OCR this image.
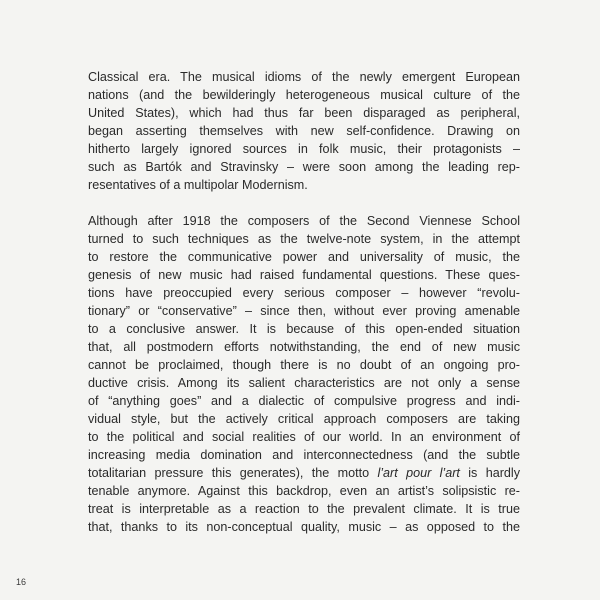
Classical era. The musical idioms of the newly emergent European
nations (and the bewilderingly heterogeneous musical culture of the
United States), which had thus far been disparaged as peripheral,
began asserting themselves with new self-confidence. Drawing on
hitherto largely ignored sources in folk music, their protagonists –
such as Bartók and Stravinsky – were soon among the leading rep-
resentatives of a multipolar Modernism.
Although after 1918 the composers of the Second Viennese School
turned to such techniques as the twelve-note system, in the attempt
to restore the communicative power and universality of music, the
genesis of new music had raised fundamental questions. These ques-
tions have preoccupied every serious composer – however “revolu-
tionary” or “conservative” – since then, without ever proving amenable
to a conclusive answer. It is because of this open-ended situation
that, all postmodern efforts notwithstanding, the end of new music
cannot be proclaimed, though there is no doubt of an ongoing pro-
ductive crisis. Among its salient characteristics are not only a sense
of “anything goes” and a dialectic of compulsive progress and indi-
vidual style, but the actively critical approach composers are taking
to the political and social realities of our world. In an environment of
increasing media domination and interconnectedness (and the subtle
totalitarian pressure this generates), the motto l’art pour l’art is hardly
tenable anymore. Against this backdrop, even an artist’s solipsistic re-
treat is interpretable as a reaction to the prevalent climate. It is true
that, thanks to its non-conceptual quality, music – as opposed to the
16
